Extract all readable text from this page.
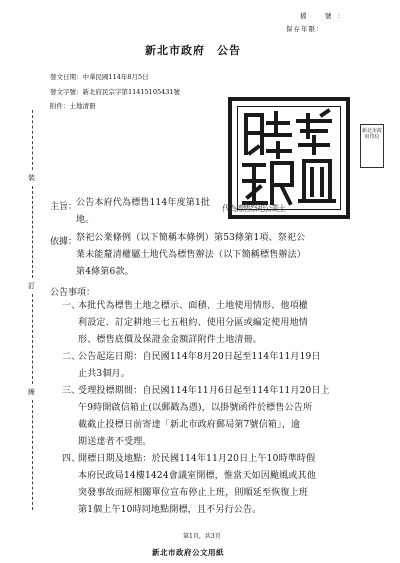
檔　號：
保存年限：
新北市政府　公告
發文日期：中華民國114年8月5日
發文字號：新北府民宗字第11415105431號
附件：土地清冊
裝
訂
線
新北市政府印信
主旨：
公告本府代為標售114年度第1批
代為標售祭祀公業土
地。
依據：
祭祀公業條例（以下簡稱本條例）第53條第1項、祭祀公
業未能釐清權屬土地代為標售辦法（以下簡稱標售辦法）
第4條第6款。
公告事項：
一、
本批代為標售土地之標示、面積、土地使用情形、他項權
利設定、訂定耕地三七五租約、使用分區或編定使用地情
形、標售底價及保證金金額詳附件土地清冊。
二、
公告起迄日期：自民國114年8月20日起至114年11月19日
止共3個月。
三、
受理投標期間：自民國114年11月6日起至114年11月20日上
午9時開啟信箱止(以郵戳為憑)，以掛號函件於標售公告所
載截止投標日前寄達「新北市政府郵局第7號信箱」，逾
期送達者不受理。
四、
開標日期及地點：於民國114年11月20日上午10時準時假
本府民政局14樓1424會議室開標，惟當天如因颱風或其他
突發事故而經相關單位宣布停止上班，則順延至恢復上班
第1個上午10時同地點開標，且不另行公告。
第1頁，共3頁
新北市政府公文用紙
